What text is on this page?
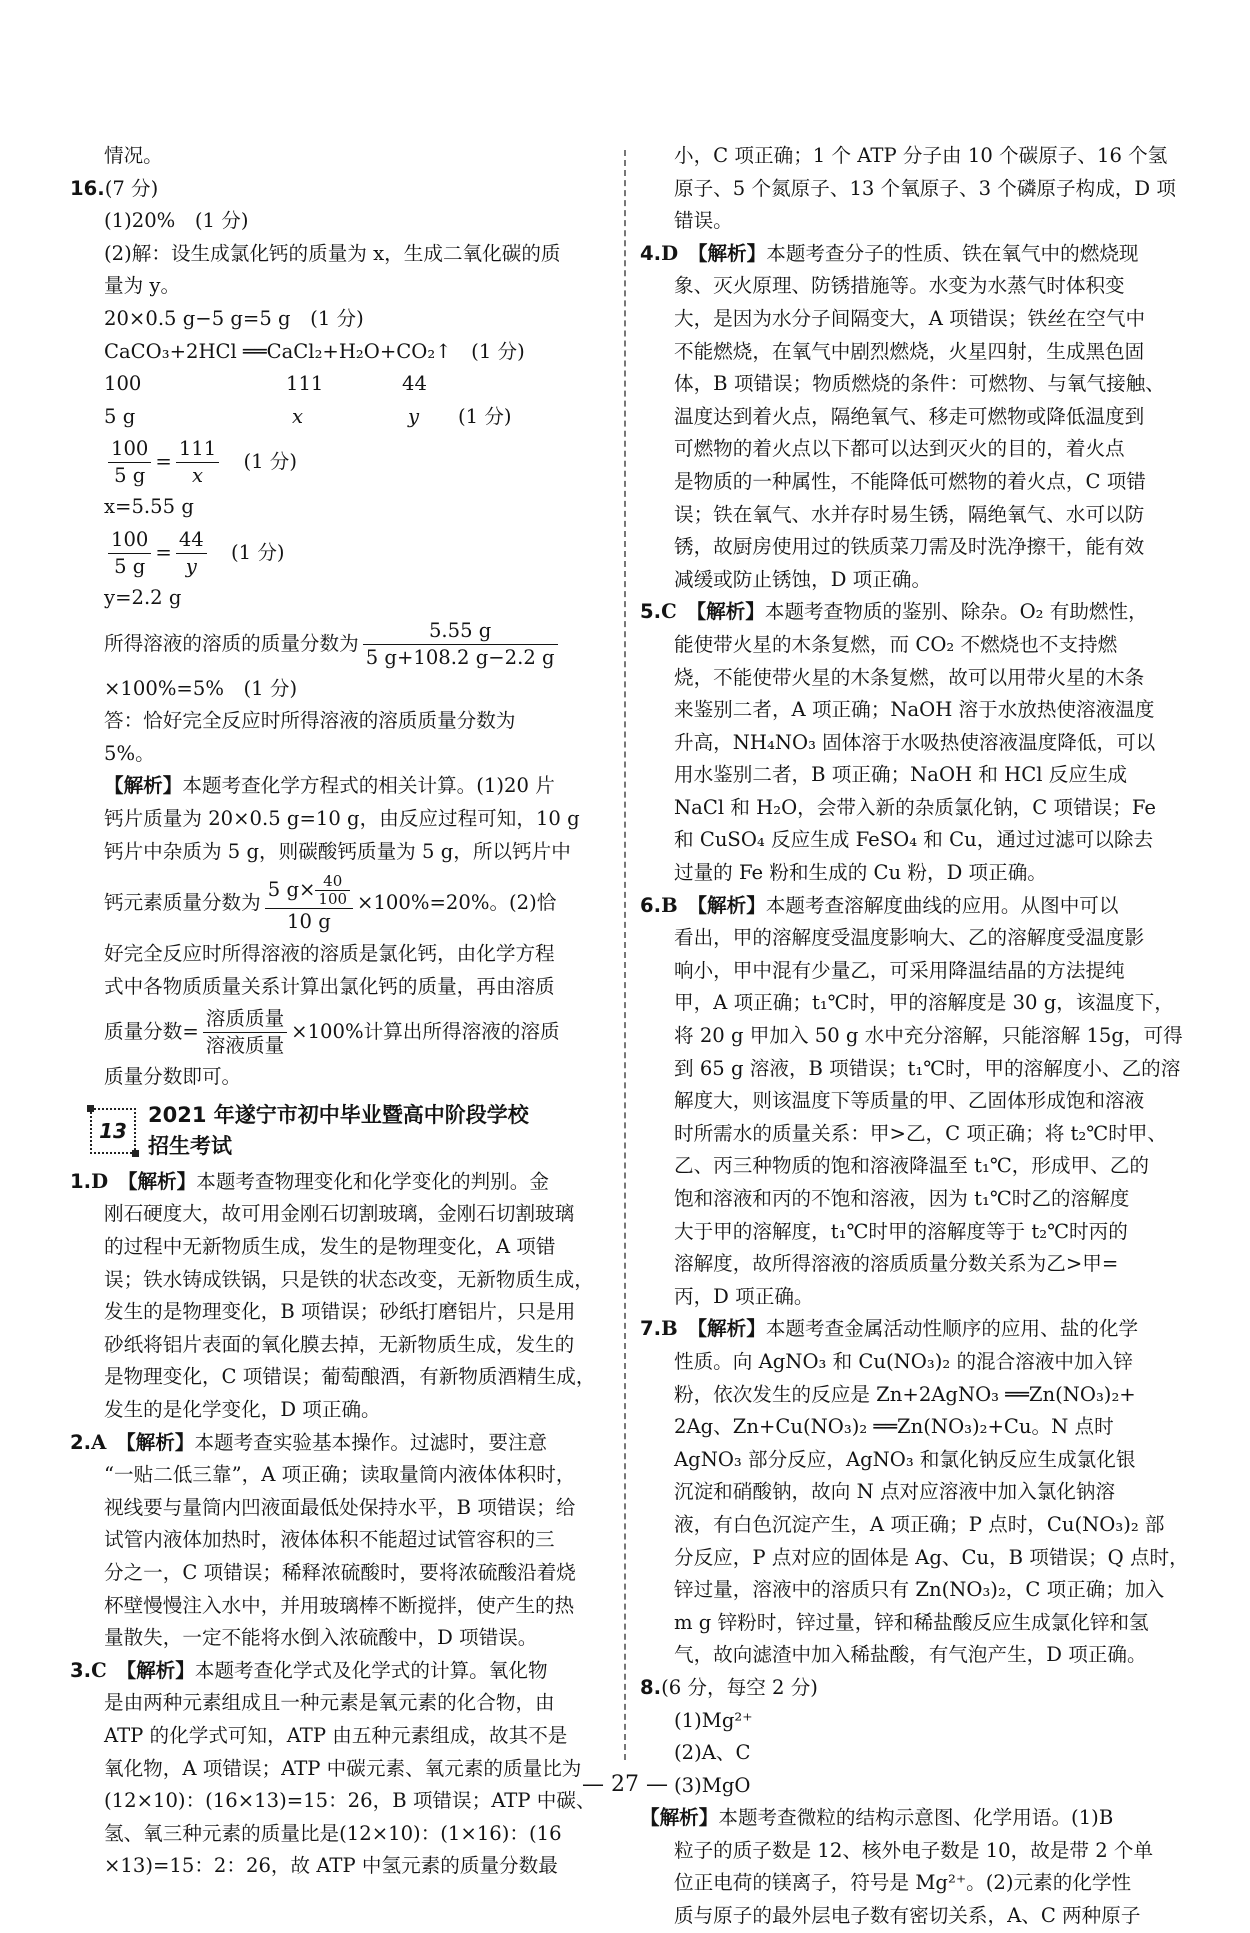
情况。
16.(7 分)
(1)20%　(1 分)
(2)解：设生成氯化钙的质量为 x，生成二氧化碳的质
量为 y。
20×0.5 g−5 g=5 g　(1 分)
CaCO₃+2HCl ══CaCl₂+H₂O+CO₂↑　(1 分)
100	111	44
5 g	x	y (1 分)
$\frac{100}{5 g} = \frac{111}{x} (1$ 分)
x=5.55 g
$\frac{100}{5 g} = \frac{44}{y} (1$ 分)
y=2.2 g
所得溶液的溶质的质量分数为 $\frac{5.55 g}{5 g+108.2 g-2.2 g}$
×100%=5%　(1 分)
答：恰好完全反应时所得溶液的溶质质量分数为
5%。
【解析】本题考查化学方程式的相关计算。(1)20 片
钙片质量为 20×0.5 g=10 g，由反应过程可知，10 g
钙片中杂质为 5 g，则碳酸钙质量为 5 g，所以钙片中
钙元素质量分数为 $\frac{5 g\times \frac{40}{100}}{10 g} \times 100\%=20\%$。(2)恰
好完全反应时所得溶液的溶质是氯化钙，由化学方程
式中各物质质量关系计算出氯化钙的质量，再由溶质
质量分数= $\frac{\text{溶质质量}}{\text{溶液质量}} \times 100\%$计算出所得溶液的溶质
质量分数即可。
13
2021 年遂宁市初中毕业暨高中阶段学校
招生考试
1.D　 【解析】本题考查物理变化和化学变化的判别。金
刚石硬度大，故可用金刚石切割玻璃，金刚石切割玻璃
的过程中无新物质生成，发生的是物理变化，A 项错
误；铁水铸成铁锅，只是铁的状态改变，无新物质生成，
发生的是物理变化，B 项错误；砂纸打磨铝片，只是用
砂纸将铝片表面的氧化膜去掉，无新物质生成，发生的
是物理变化，C 项错误；葡萄酿酒，有新物质酒精生成，
发生的是化学变化，D 项正确。
2.A　 【解析】本题考查实验基本操作。过滤时，要注意
“一贴二低三靠”，A 项正确；读取量筒内液体体积时，
视线要与量筒内凹液面最低处保持水平，B 项错误；给
试管内液体加热时，液体体积不能超过试管容积的三
分之一，C 项错误；稀释浓硫酸时，要将浓硫酸沿着烧
杯壁慢慢注入水中，并用玻璃棒不断搅拌，使产生的热
量散失，一定不能将水倒入浓硫酸中，D 项错误。
3.C　 【解析】本题考查化学式及化学式的计算。氧化物
是由两种元素组成且一种元素是氧元素的化合物，由
ATP 的化学式可知，ATP 由五种元素组成，故其不是
氧化物，A 项错误；ATP 中碳元素、氧元素的质量比为
(12×10)：(16×13)=15：26，B 项错误；ATP 中碳、
氢、氧三种元素的质量比是(12×10)：(1×16)：(16
×13)=15：2：26，故 ATP 中氢元素的质量分数最
小，C 项正确；1 个 ATP 分子由 10 个碳原子、16 个氢
原子、5 个氮原子、13 个氧原子、3 个磷原子构成，D 项
错误。
4.D　 【解析】本题考查分子的性质、铁在氧气中的燃烧现
象、灭火原理、防锈措施等。水变为水蒸气时体积变
大，是因为水分子间隔变大，A 项错误；铁丝在空气中
不能燃烧，在氧气中剧烈燃烧，火星四射，生成黑色固
体，B 项错误；物质燃烧的条件：可燃物、与氧气接触、
温度达到着火点，隔绝氧气、移走可燃物或降低温度到
可燃物的着火点以下都可以达到灭火的目的，着火点
是物质的一种属性，不能降低可燃物的着火点，C 项错
误；铁在氧气、水并存时易生锈，隔绝氧气、水可以防
锈，故厨房使用过的铁质菜刀需及时洗净擦干，能有效
减缓或防止锈蚀，D 项正确。
5.C　 【解析】本题考查物质的鉴别、除杂。O₂ 有助燃性，
能使带火星的木条复燃，而 CO₂ 不燃烧也不支持燃
烧，不能使带火星的木条复燃，故可以用带火星的木条
来鉴别二者，A 项正确；NaOH 溶于水放热使溶液温度
升高，NH₄NO₃ 固体溶于水吸热使溶液温度降低，可以
用水鉴别二者，B 项正确；NaOH 和 HCl 反应生成
NaCl 和 H₂O，会带入新的杂质氯化钠，C 项错误；Fe
和 CuSO₄ 反应生成 FeSO₄ 和 Cu，通过过滤可以除去
过量的 Fe 粉和生成的 Cu 粉，D 项正确。
6.B　 【解析】本题考查溶解度曲线的应用。从图中可以
看出，甲的溶解度受温度影响大、乙的溶解度受温度影
响小，甲中混有少量乙，可采用降温结晶的方法提纯
甲，A 项正确；t₁℃时，甲的溶解度是 30 g，该温度下，
将 20 g 甲加入 50 g 水中充分溶解，只能溶解 15g，可得
到 65 g 溶液，B 项错误；t₁℃时，甲的溶解度小、乙的溶
解度大，则该温度下等质量的甲、乙固体形成饱和溶液
时所需水的质量关系：甲>乙，C 项正确；将 t₂℃时甲、
乙、丙三种物质的饱和溶液降温至 t₁℃，形成甲、乙的
饱和溶液和丙的不饱和溶液，因为 t₁℃时乙的溶解度
大于甲的溶解度，t₁℃时甲的溶解度等于 t₂℃时丙的
溶解度，故所得溶液的溶质质量分数关系为乙>甲=
丙，D 项正确。
7.B　 【解析】本题考查金属活动性顺序的应用、盐的化学
性质。向 AgNO₃ 和 Cu(NO₃)₂ 的混合溶液中加入锌
粉，依次发生的反应是 Zn+2AgNO₃ ══Zn(NO₃)₂+
2Ag、Zn+Cu(NO₃)₂ ══Zn(NO₃)₂+Cu。N 点时
AgNO₃ 部分反应，AgNO₃ 和氯化钠反应生成氯化银
沉淀和硝酸钠，故向 N 点对应溶液中加入氯化钠溶
液，有白色沉淀产生，A 项正确；P 点时，Cu(NO₃)₂ 部
分反应，P 点对应的固体是 Ag、Cu，B 项错误；Q 点时，
锌过量，溶液中的溶质只有 Zn(NO₃)₂，C 项正确；加入
m g 锌粉时，锌过量，锌和稀盐酸反应生成氯化锌和氢
气，故向滤渣中加入稀盐酸，有气泡产生，D 项正确。
8.(6 分，每空 2 分)
(1)Mg²⁺
(2)A、C
(3)MgO
【解析】本题考查微粒的结构示意图、化学用语。(1)B
粒子的质子数是 12、核外电子数是 10，故是带 2 个单
位正电荷的镁离子，符号是 Mg²⁺。(2)元素的化学性
质与原子的最外层电子数有密切关系，A、C 两种原子
— 27 —
